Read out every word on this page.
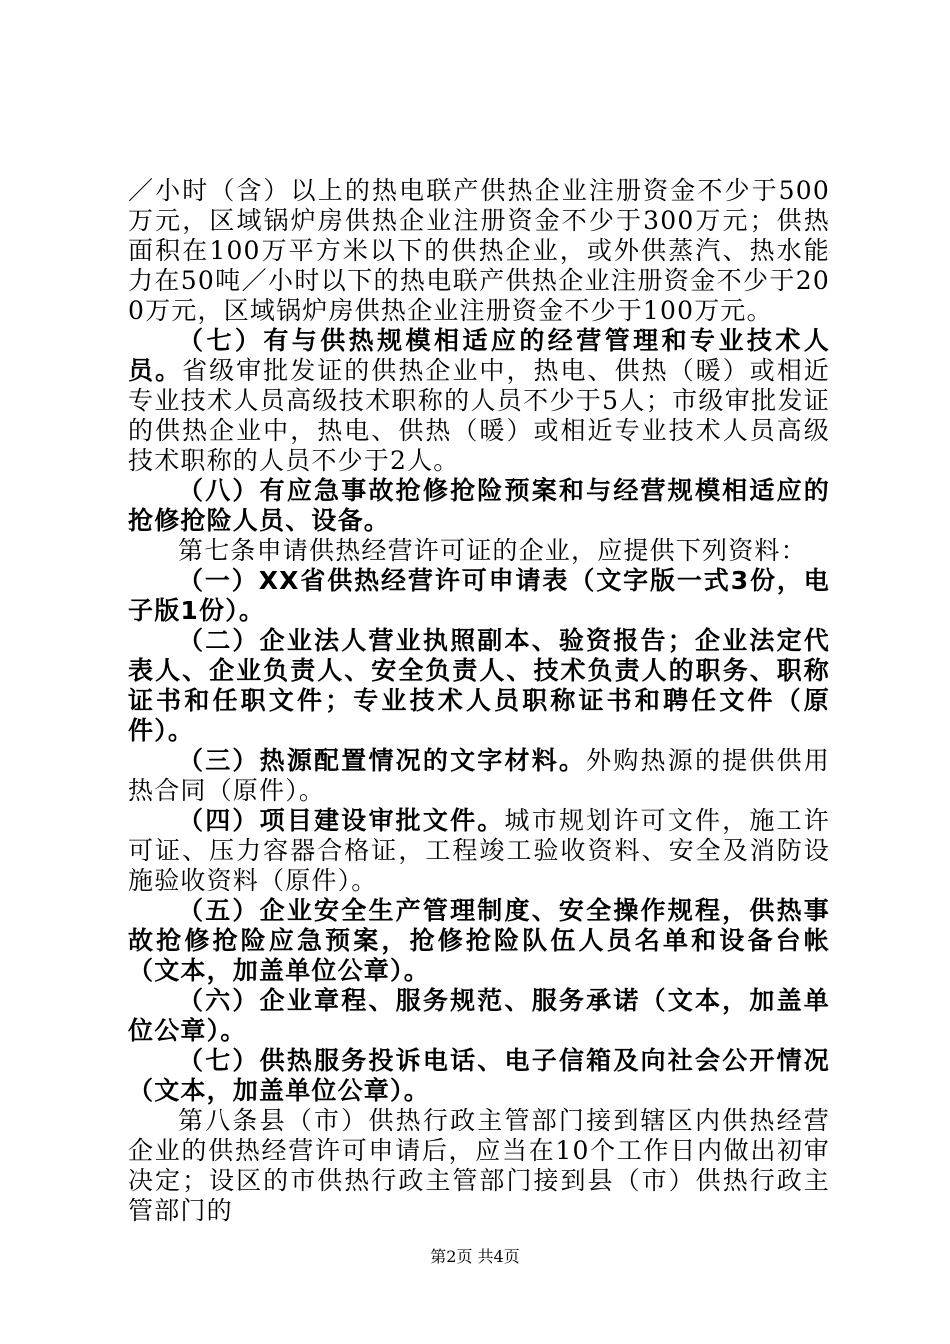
／小时（含）以上的热电联产供热企业注册资金不少于500万元，区域锅炉房供热企业注册资金不少于300万元；供热面积在100万平方米以下的供热企业，或外供蒸汽、热水能力在50吨／小时以下的热电联产供热企业注册资金不少于200万元，区域锅炉房供热企业注册资金不少于100万元。

（七）有与供热规模相适应的经营管理和专业技术人员。省级审批发证的供热企业中，热电、供热（暖）或相近专业技术人员高级技术职称的人员不少于5人；市级审批发证的供热企业中，热电、供热（暖）或相近专业技术人员高级技术职称的人员不少于2人。

（八）有应急事故抢修抢险预案和与经营规模相适应的抢修抢险人员、设备。

第七条申请供热经营许可证的企业，应提供下列资料：

（一）XX省供热经营许可申请表（文字版一式3份，电子版1份）。

（二）企业法人营业执照副本、验资报告；企业法定代表人、企业负责人、安全负责人、技术负责人的职务、职称证书和任职文件；专业技术人员职称证书和聘任文件（原件）。

（三）热源配置情况的文字材料。外购热源的提供供用热合同（原件）。

（四）项目建设审批文件。城市规划许可文件，施工许可证、压力容器合格证，工程竣工验收资料、安全及消防设施验收资料（原件）。

（五）企业安全生产管理制度、安全操作规程，供热事故抢修抢险应急预案，抢修抢险队伍人员名单和设备台帐（文本，加盖单位公章）。

（六）企业章程、服务规范、服务承诺（文本，加盖单位公章）。

（七）供热服务投诉电话、电子信箱及向社会公开情况（文本，加盖单位公章）。

第八条县（市）供热行政主管部门接到辖区内供热经营企业的供热经营许可申请后，应当在10个工作日内做出初审决定；设区的市供热行政主管部门接到县（市）供热行政主管部门的

第2页 共4页
